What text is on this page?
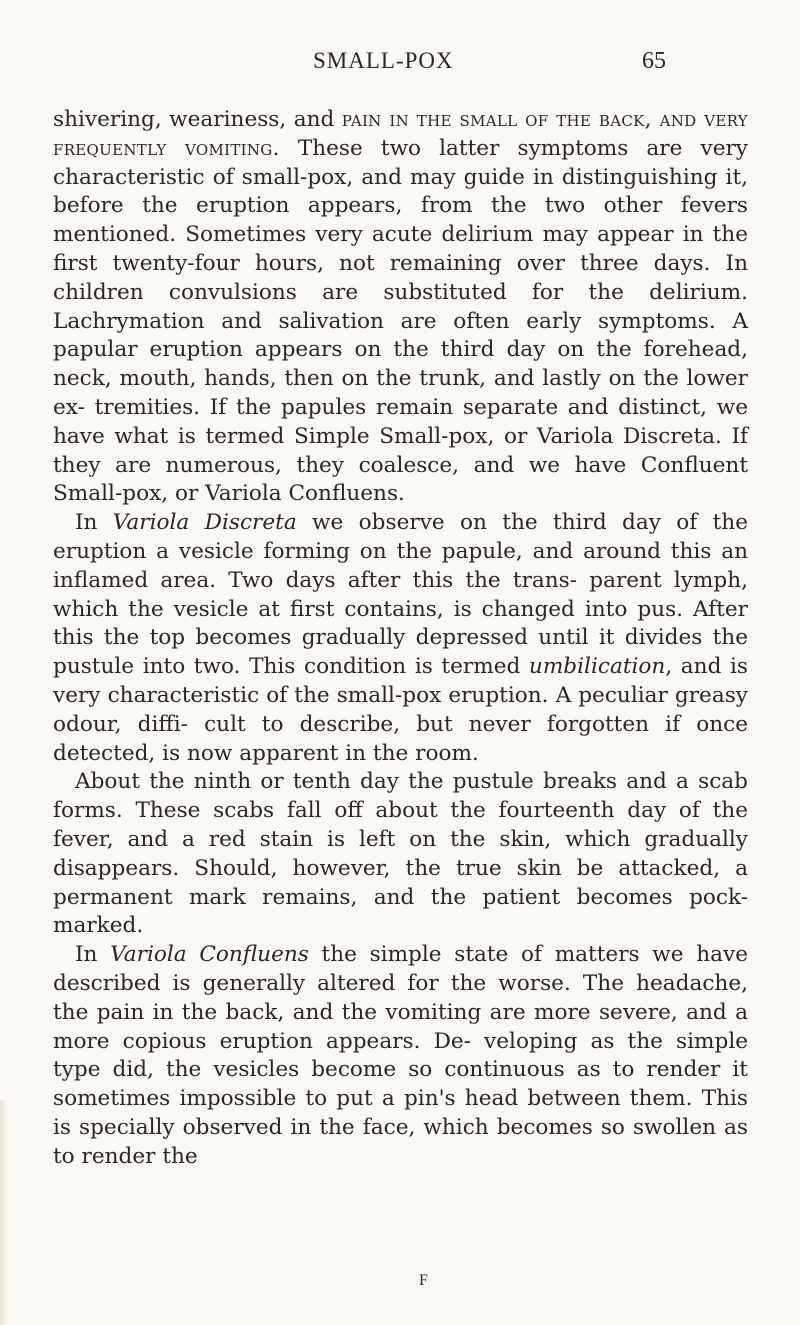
SMALL-POX	65

shivering, weariness, and pain in the small of the back, and very frequently vomiting. These two latter symptoms are very characteristic of small-pox, and may guide in distinguishing it, before the eruption appears, from the two other fevers mentioned. Sometimes very acute delirium may appear in the first twenty-four hours, not remaining over three days. In children convulsions are substituted for the delirium. Lachrymation and salivation are often early symptoms. A papular eruption appears on the third day on the forehead, neck, mouth, hands, then on the trunk, and lastly on the lower ex- tremities. If the papules remain separate and distinct, we have what is termed Simple Small-pox, or Variola Discreta. If they are numerous, they coalesce, and we have Confluent Small-pox, or Variola Confluens.

In Variola Discreta we observe on the third day of the eruption a vesicle forming on the papule, and around this an inflamed area. Two days after this the trans- parent lymph, which the vesicle at first contains, is changed into pus. After this the top becomes gradually depressed until it divides the pustule into two. This condition is termed umbilication, and is very characteristic of the small-pox eruption. A peculiar greasy odour, diffi- cult to describe, but never forgotten if once detected, is now apparent in the room.

About the ninth or tenth day the pustule breaks and a scab forms. These scabs fall off about the fourteenth day of the fever, and a red stain is left on the skin, which gradually disappears. Should, however, the true skin be attacked, a permanent mark remains, and the patient becomes pock-marked.

In Variola Confluens the simple state of matters we have described is generally altered for the worse. The headache, the pain in the back, and the vomiting are more severe, and a more copious eruption appears. De- veloping as the simple type did, the vesicles become so continuous as to render it sometimes impossible to put a pin's head between them. This is specially observed in the face, which becomes so swollen as to render the

F
